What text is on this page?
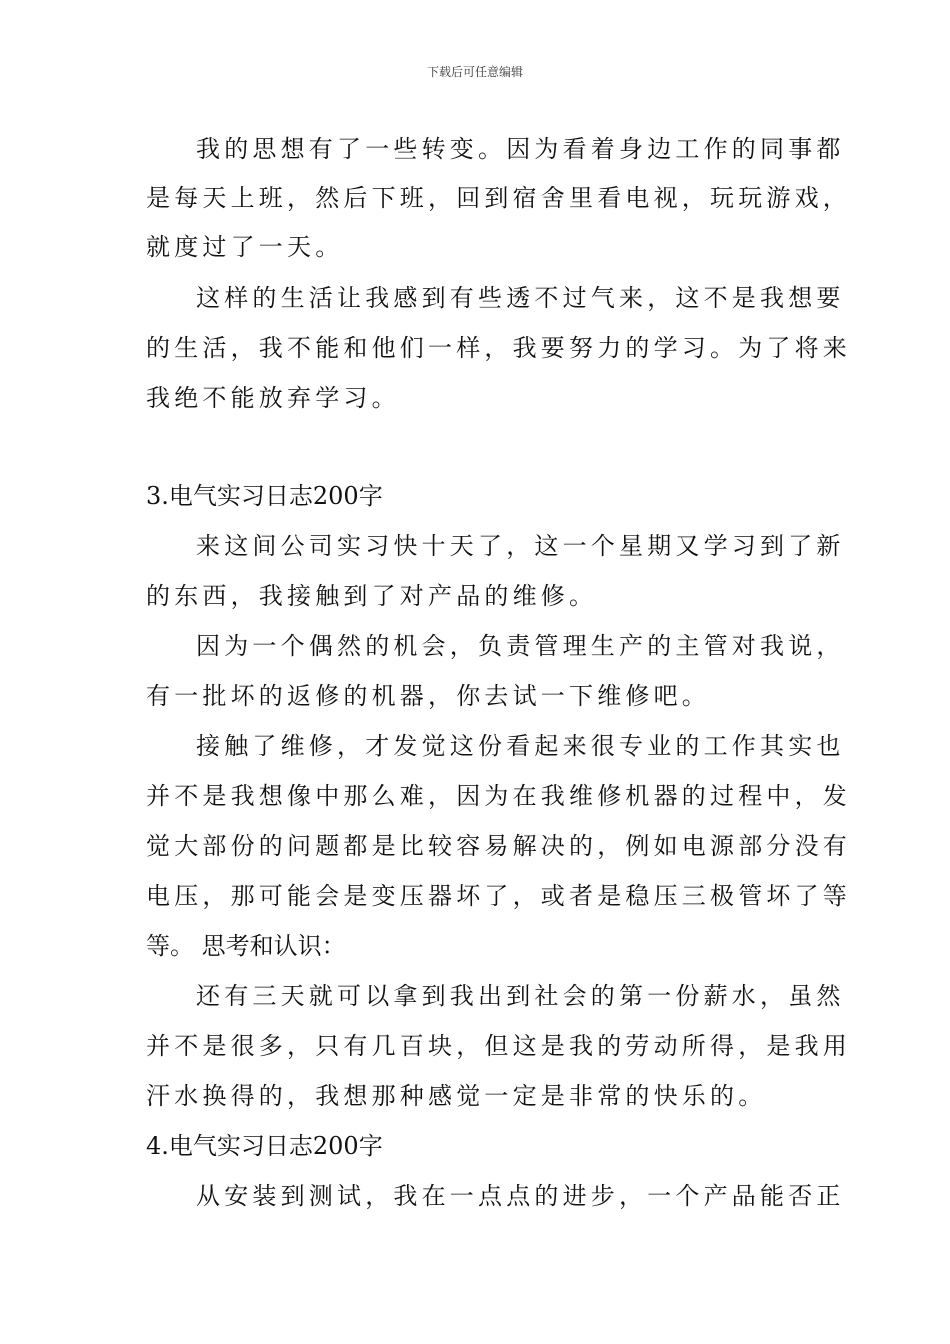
下载后可任意编辑
我的思想有了一些转变。因为看着身边工作的同事都
是每天上班，然后下班，回到宿舍里看电视，玩玩游戏，
就度过了一天。
这样的生活让我感到有些透不过气来，这不是我想要
的生活，我不能和他们一样，我要努力的学习。为了将来
我绝不能放弃学习。
3.电气实习日志200字
来这间公司实习快十天了，这一个星期又学习到了新
的东西，我接触到了对产品的维修。
因为一个偶然的机会，负责管理生产的主管对我说，
有一批坏的返修的机器，你去试一下维修吧。
接触了维修，才发觉这份看起来很专业的工作其实也
并不是我想像中那么难，因为在我维修机器的过程中，发
觉大部份的问题都是比较容易解决的，例如电源部分没有
电压，那可能会是变压器坏了，或者是稳压三极管坏了等
等。 思考和认识：
还有三天就可以拿到我出到社会的第一份薪水，虽然
并不是很多，只有几百块，但这是我的劳动所得，是我用
汗水换得的，我想那种感觉一定是非常的快乐的。
4.电气实习日志200字
从安装到测试，我在一点点的进步，一个产品能否正
